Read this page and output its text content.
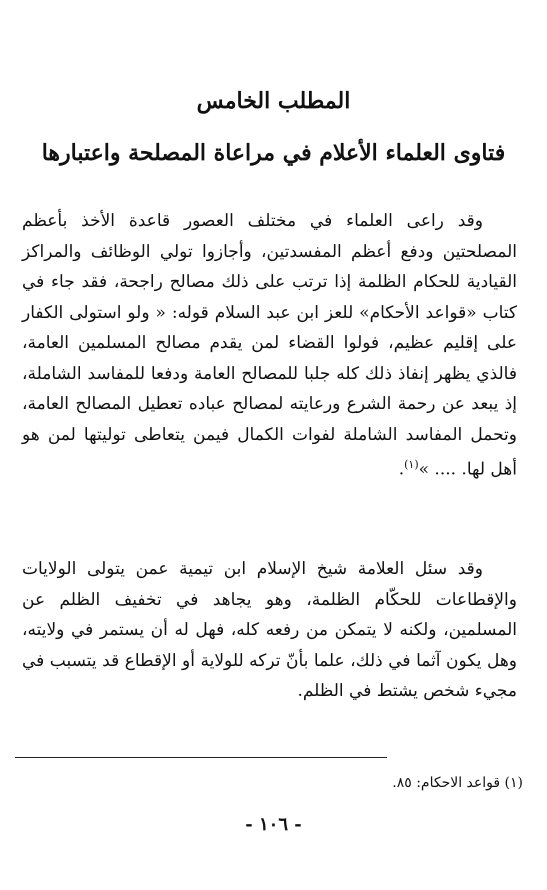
المطلب الخامس
فتاوى العلماء الأعلام في مراعاة المصلحة واعتبارها

وقد راعى العلماء في مختلف العصور قاعدة الأخذ بأعظم المصلحتين ودفع أعظم المفسدتين، وأجازوا تولي الوظائف والمراكز القيادية للحكام الظلمة إذا ترتب على ذلك مصالح راجحة، فقد جاء في كتاب «قواعد الأحكام» للعز ابن عبد السلام قوله: « ولو استولى الكفار على إقليم عظيم، فولوا القضاء لمن يقدم مصالح المسلمين العامة، فالذي يظهر إنفاذ ذلك كله جلبا للمصالح العامة ودفعا للمفاسد الشاملة، إذ يبعد عن رحمة الشرع ورعايته لمصالح عباده تعطيل المصالح العامة، وتحمل المفاسد الشاملة لفوات الكمال فيمن يتعاطى توليتها لمن هو أهل لها. .... »$^{(١)}$.

وقد سئل العلامة شيخ الإسلام ابن تيمية عمن يتولى الولايات والإقطاعات للحكّام الظلمة، وهو يجاهد في تخفيف الظلم عن المسلمين، ولكنه لا يتمكن من رفعه كله، فهل له أن يستمر في ولايته، وهل يكون آثما في ذلك، علما بأنّ تركه للولاية أو الإقطاع قد يتسبب في مجيء شخص يشتط في الظلم.

(١) قواعد الاحكام: ٨٥.

- ١٠٦ -
